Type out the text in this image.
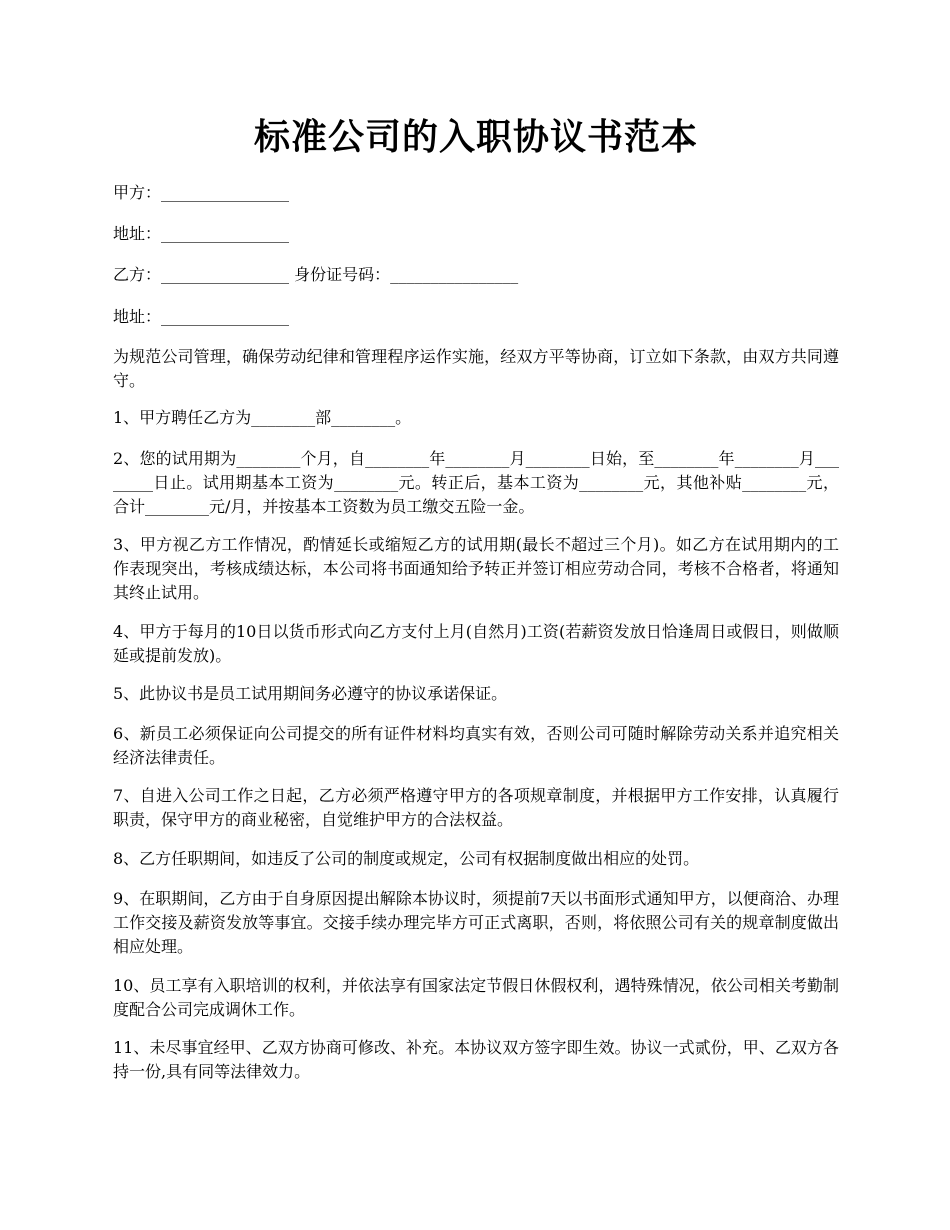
标准公司的入职协议书范本
甲方：________________
地址：________________
乙方：________________ 身份证号码：________________
地址：________________
为规范公司管理，确保劳动纪律和管理程序运作实施，经双方平等协商，订立如下条款，由双方共同遵守。
1、甲方聘任乙方为________部________。
2、您的试用期为________个月，自________年________月________日始，至________年________月________日止。试用期基本工资为________元。转正后，基本工资为________元，其他补贴________元，合计________元/月，并按基本工资数为员工缴交五险一金。
3、甲方视乙方工作情况，酌情延长或缩短乙方的试用期(最长不超过三个月)。如乙方在试用期内的工作表现突出，考核成绩达标，本公司将书面通知给予转正并签订相应劳动合同，考核不合格者，将通知其终止试用。
4、甲方于每月的10日以货币形式向乙方支付上月(自然月)工资(若薪资发放日恰逢周日或假日，则做顺延或提前发放)。
5、此协议书是员工试用期间务必遵守的协议承诺保证。
6、新员工必须保证向公司提交的所有证件材料均真实有效，否则公司可随时解除劳动关系并追究相关经济法律责任。
7、自进入公司工作之日起，乙方必须严格遵守甲方的各项规章制度，并根据甲方工作安排，认真履行职责，保守甲方的商业秘密，自觉维护甲方的合法权益。
8、乙方任职期间，如违反了公司的制度或规定，公司有权据制度做出相应的处罚。
9、在职期间，乙方由于自身原因提出解除本协议时，须提前7天以书面形式通知甲方，以便商洽、办理工作交接及薪资发放等事宜。交接手续办理完毕方可正式离职，否则，将依照公司有关的规章制度做出相应处理。
10、员工享有入职培训的权利，并依法享有国家法定节假日休假权利，遇特殊情况，依公司相关考勤制度配合公司完成调休工作。
11、未尽事宜经甲、乙双方协商可修改、补充。本协议双方签字即生效。协议一式贰份，甲、乙双方各持一份,具有同等法律效力。
